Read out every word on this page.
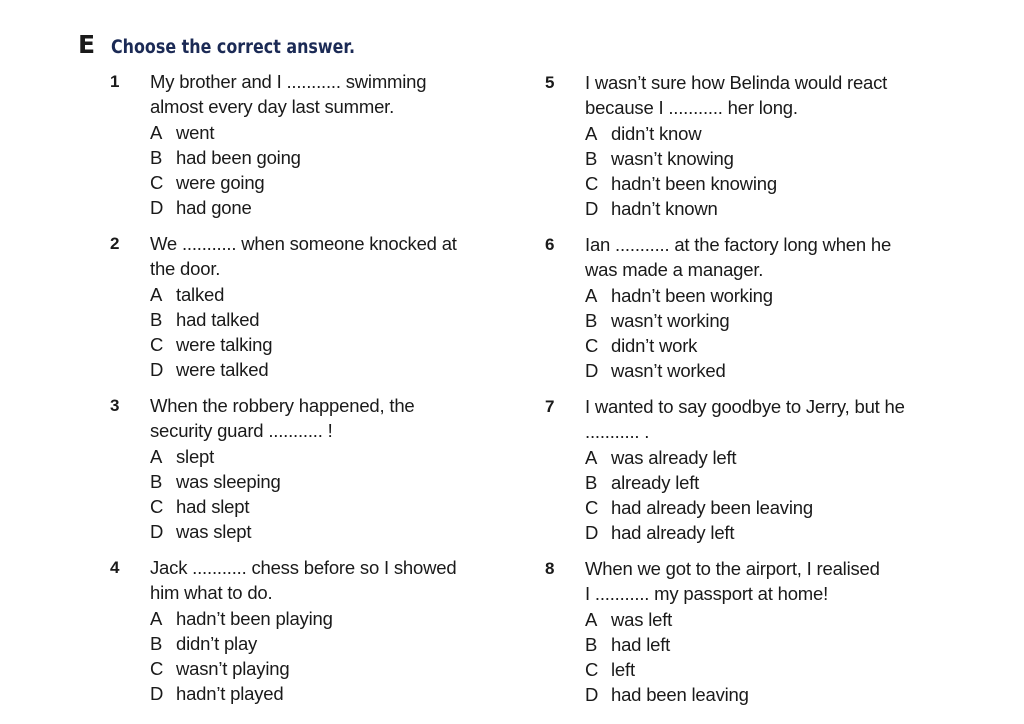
E Choose the correct answer.
1 My brother and I ........... swimming
almost every day last summer.
A went
B had been going
C were going
D had gone
2 We ........... when someone knocked at
the door.
A talked
B had talked
C were talking
D were talked
3 When the robbery happened, the
security guard ........... !
A slept
B was sleeping
C had slept
D was slept
4 Jack ........... chess before so I showed
him what to do.
A hadn’t been playing
B didn’t play
C wasn’t playing
D hadn’t played
5 I wasn’t sure how Belinda would react
because I ........... her long.
A didn’t know
B wasn’t knowing
C hadn’t been knowing
D hadn’t known
6 Ian ........... at the factory long when he
was made a manager.
A hadn’t been working
B wasn’t working
C didn’t work
D wasn’t worked
7 I wanted to say goodbye to Jerry, but he
........... .
A was already left
B already left
C had already been leaving
D had already left
8 When we got to the airport, I realised
I ........... my passport at home!
A was left
B had left
C left
D had been leaving
